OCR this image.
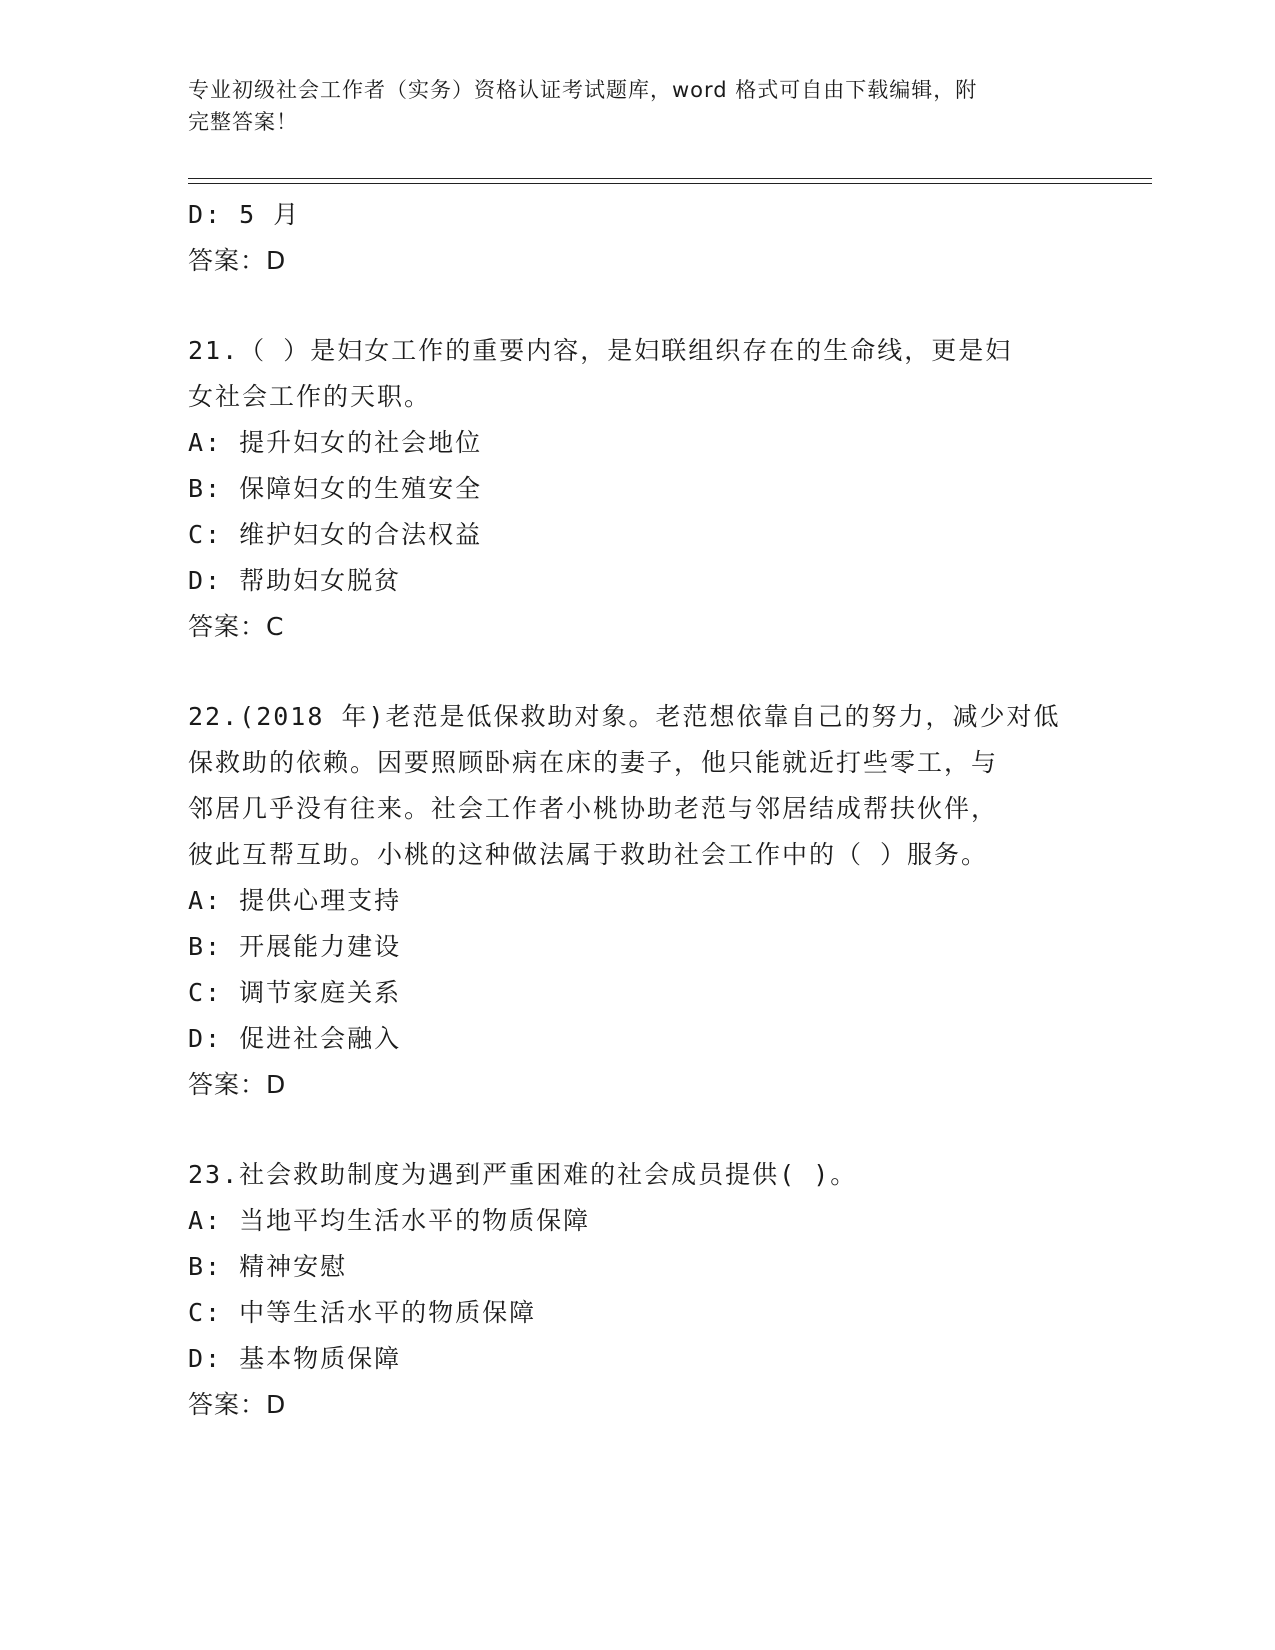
专业初级社会工作者（实务）资格认证考试题库，word 格式可自由下载编辑，附
完整答案！
D: 5 月
答案：D
21.（ ）是妇女工作的重要内容，是妇联组织存在的生命线，更是妇
女社会工作的天职。
A: 提升妇女的社会地位
B: 保障妇女的生殖安全
C: 维护妇女的合法权益
D: 帮助妇女脱贫
答案：C
22.(2018 年)老范是低保救助对象。老范想依靠自己的努力，减少对低
保救助的依赖。因要照顾卧病在床的妻子，他只能就近打些零工，与
邻居几乎没有往来。社会工作者小桃协助老范与邻居结成帮扶伙伴，
彼此互帮互助。小桃的这种做法属于救助社会工作中的（ ）服务。
A: 提供心理支持
B: 开展能力建设
C: 调节家庭关系
D: 促进社会融入
答案：D
23.社会救助制度为遇到严重困难的社会成员提供( )。
A: 当地平均生活水平的物质保障
B: 精神安慰
C: 中等生活水平的物质保障
D: 基本物质保障
答案：D
